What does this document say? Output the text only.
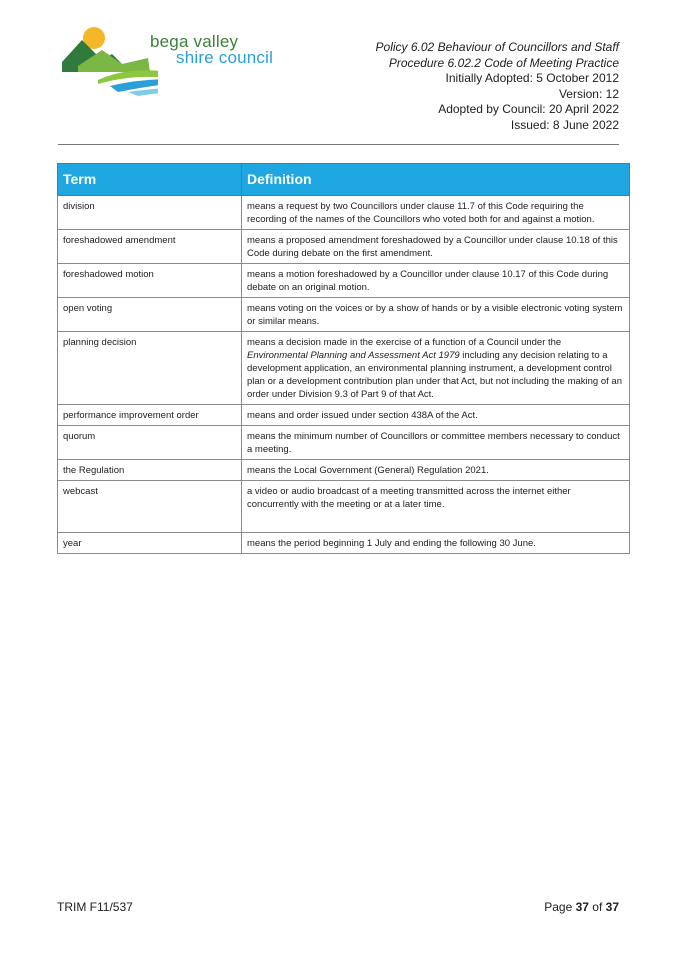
bega valley
shire council
Policy 6.02 Behaviour of Councillors and Staff
Procedure 6.02.2 Code of Meeting Practice
Initially Adopted: 5 October 2012
Version: 12
Adopted by Council: 20 April 2022
Issued: 8 June 2022
Term	Definition
division	means a request by two Councillors under clause 11.7 of this Code requiring the recording of the names of the Councillors who voted both for and against a motion.
foreshadowed amendment	means a proposed amendment foreshadowed by a Councillor under clause 10.18 of this Code during debate on the first amendment.
foreshadowed motion	means a motion foreshadowed by a Councillor under clause 10.17 of this Code during debate on an original motion.
open voting	means voting on the voices or by a show of hands or by a visible electronic voting system or similar means.
planning decision	means a decision made in the exercise of a function of a Council under the Environmental Planning and Assessment Act 1979 including any decision relating to a development application, an environmental planning instrument, a development control plan or a development contribution plan under that Act, but not including the making of an order under Division 9.3 of Part 9 of that Act.
performance improvement order	means and order issued under section 438A of the Act.
quorum	means the minimum number of Councillors or committee members necessary to conduct a meeting.
the Regulation	means the Local Government (General) Regulation 2021.
webcast	a video or audio broadcast of a meeting transmitted across the internet either concurrently with the meeting or at a later time.
year	means the period beginning 1 July and ending the following 30 June.
TRIM F11/537	Page 37 of 37
